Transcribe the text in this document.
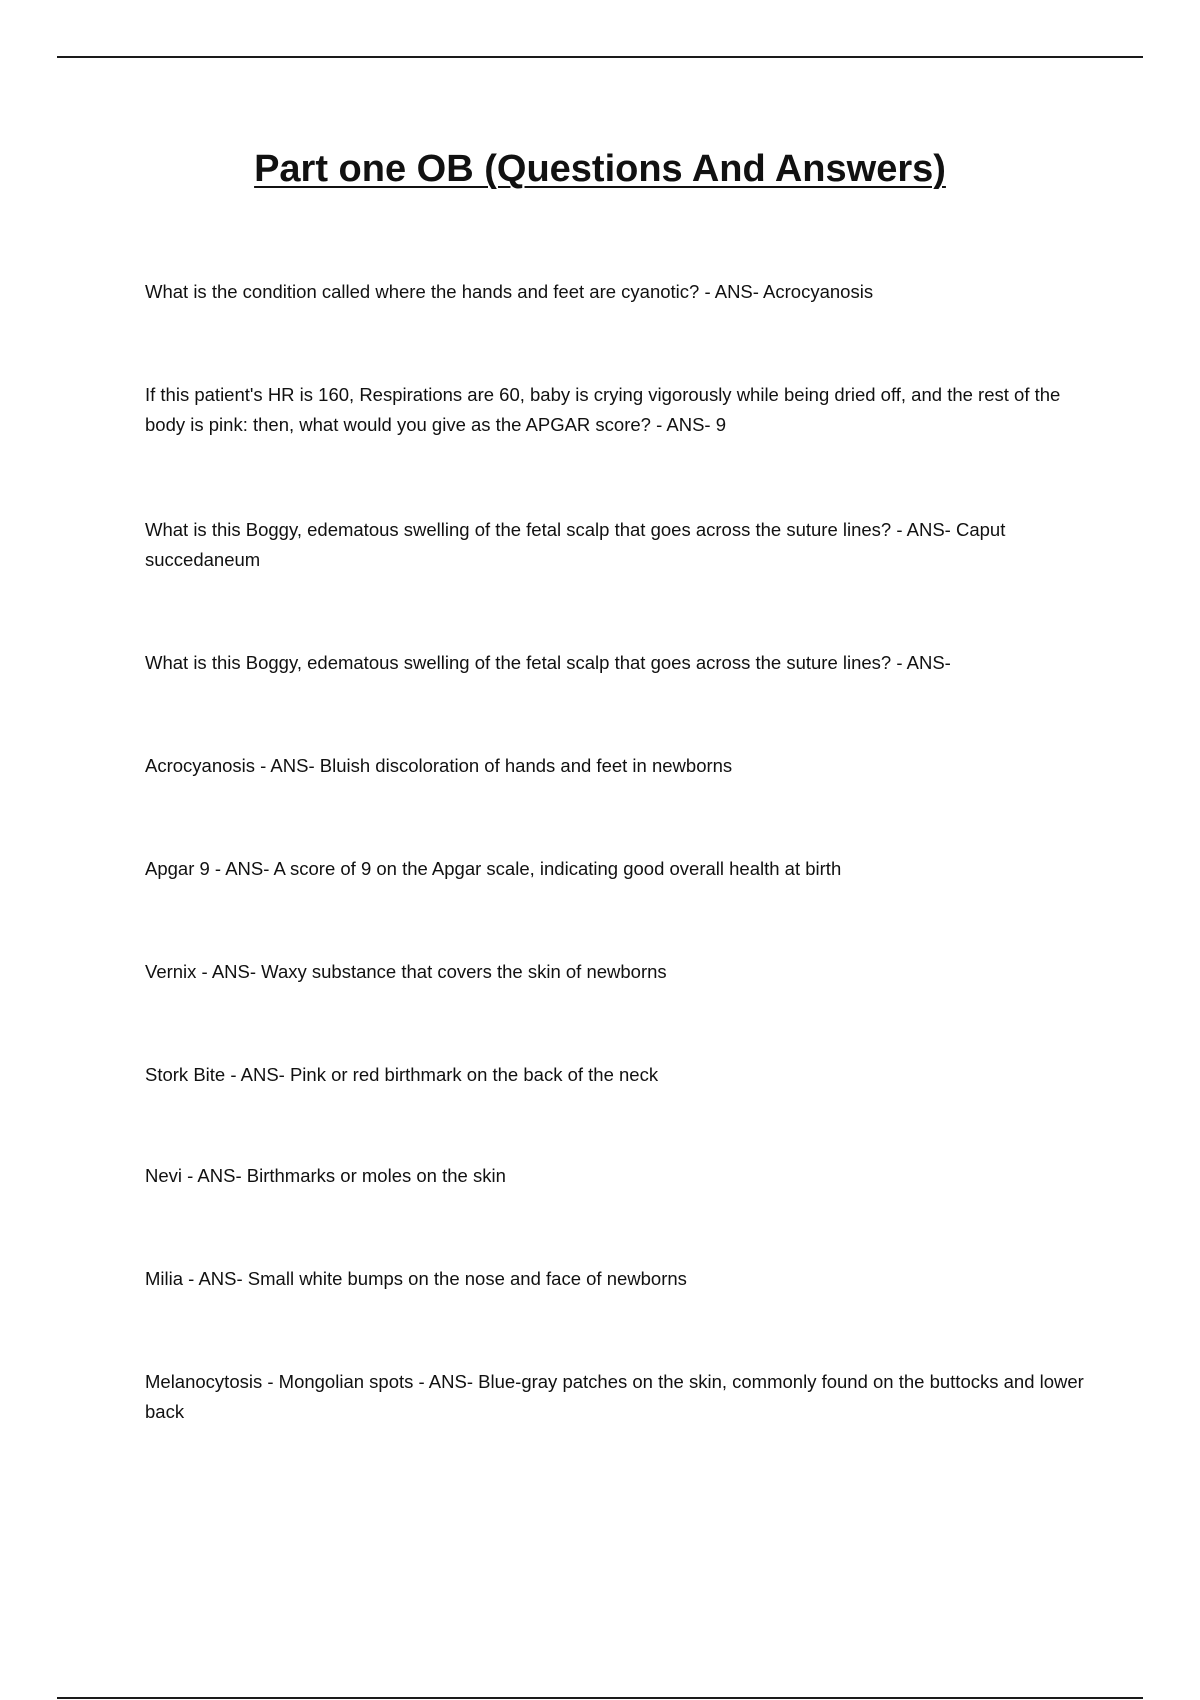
Part one OB (Questions And Answers)

What is the condition called where the hands and feet are cyanotic? - ANS- Acrocyanosis

If this patient's HR is 160, Respirations are 60, baby is crying vigorously while being dried off, and the rest of the body is pink: then, what would you give as the APGAR score? - ANS- 9

What is this Boggy, edematous swelling of the fetal scalp that goes across the suture lines? - ANS- Caput succedaneum

What is this Boggy, edematous swelling of the fetal scalp that goes across the suture lines? - ANS-

Acrocyanosis - ANS- Bluish discoloration of hands and feet in newborns

Apgar 9 - ANS- A score of 9 on the Apgar scale, indicating good overall health at birth

Vernix - ANS- Waxy substance that covers the skin of newborns

Stork Bite - ANS- Pink or red birthmark on the back of the neck

Nevi - ANS- Birthmarks or moles on the skin

Milia - ANS- Small white bumps on the nose and face of newborns

Melanocytosis - Mongolian spots - ANS- Blue-gray patches on the skin, commonly found on the buttocks and lower back
